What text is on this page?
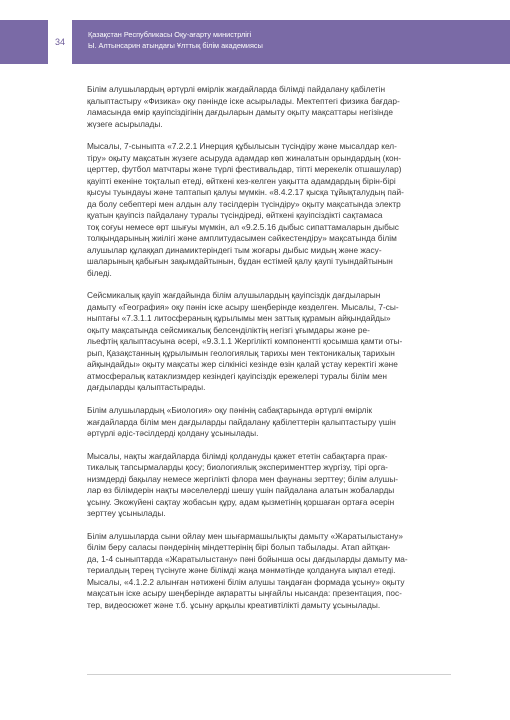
34
Қазақстан Республикасы Оқу-ағарту министрлігі
Ы. Алтынсарин атындағы Ұлттық білім академиясы

Білім алушылардың әртүрлі өмірлік жағдайларда білімді пайдалану қабілетін
қалыптастыру «Физика» оқу пәнінде іске асырылады. Мектептегі физика бағдар-
ламасында өмір қауіпсіздігінің дағдыларын дамыту оқыту мақсаттары негізінде
жүзеге асырылады.

Мысалы, 7-сыныпта «7.2.2.1 Инерция құбылысын түсіндіру және мысалдар кел-
тіру» оқыту мақсатын жүзеге асыруда адамдар көп жиналатын орындардың (кон-
церттер, футбол матчтары және түрлі фестивальдар, тіпті мерекелік отшашулар)
қауіпті екеніне тоқталып етеді, өйткені кез-келген уақытта адамдардың бірін-бірі
қысуы туындауы және таптапып қалуы мүмкін. «8.4.2.17 қысқа тұйықталудың пай-
да болу себептері мен алдын алу тәсілдерін түсіндіру» оқыту мақсатында электр
қуатын қауіпсіз пайдалану туралы түсіндіреді, өйткені қауіпсіздікті сақтамаса
тоқ соғуы немесе өрт шығуы мүмкін, ал «9.2.5.16 дыбыс сипаттамаларын дыбыс
толқындарының жиілігі және амплитудасымен сәйкестендіру» мақсатында білім
алушылар құлаққап динамиктеріндегі тым жоғары дыбыс мидың және жасу-
шаларының қабығын зақымдайтынын, бұдан естімей қалу қаупі туындайтынын
біледі.

Сейсмикалық қауіп жағдайында білім алушылардың қауіпсіздік дағдыларын
дамыту «География» оқу пәнін іске асыру шеңберінде көзделген. Мысалы, 7-сы-
ныптағы «7.3.1.1 литосфераның құрылымы мен заттық құрамын айқындайды»
оқыту мақсатында сейсмикалық белсенділіктің негізгі ұғымдары және ре-
льефтің қалыптасуына әсері, «9.3.1.1 Жергіліктi компонентті қосымша қамти оты-
рып, Қазақстанның құрылымын геологиялық тарихы мен тектоникалық тарихын
айқындайды» оқыту мақсаты жер сілкінісі кезінде өзін қалай ұстау керектігі және
атмосфералық катаклизмдер кезіндегі қауіпсіздік ережелері туралы білім мен
дағдыларды қалыптастырады.

Білім алушылардың «Биология» оқу пәнінің сабақтарында әртүрлі өмірлік
жағдайларда білім мен дағдыларды пайдалану қабілеттерін қалыптастыру үшін
әртүрлі әдіс-тәсілдерді қолдану ұсынылады.

Мысалы, нақты жағдайларда білімді қолдануды қажет ететін сабақтарға прак-
тикалық тапсырмаларды қосу; биологиялық эксперименттер жүргізу, тірі орга-
низмдерді бақылау немесе жергілікті флора мен фаунаны зерттеу; білім алушы-
лар өз білімдерін нақты мәселелерді шешу үшін пайдалана алатын жобаларды
ұсыну. Экожүйені сақтау жобасын құру, адам қызметінің қоршаған ортаға әсерін
зерттеу ұсынылады.

Білім алушыларда сыни ойлау мен шығармашылықты дамыту «Жаратылыстану»
білім беру саласы пәндерінің міндеттерінің бірі болып табылады. Атап айтқан-
да, 1-4 сыныптарда «Жаратылыстану» пәні бойынша осы дағдыларды дамыту ма-
териалдың терең түсінуге және білімді жаңа мәнмәтінде қолдануға ықпал етеді.
Мысалы, «4.1.2.2 алынған нәтижені білім алушы таңдаған формада ұсыну» оқыту
мақсатын іске асыру шеңберінде ақпаратты ыңғайлы нысанда: презентация, пос-
тер, видеосюжет және т.б. ұсыну арқылы креативтілікті дамыту ұсынылады.
